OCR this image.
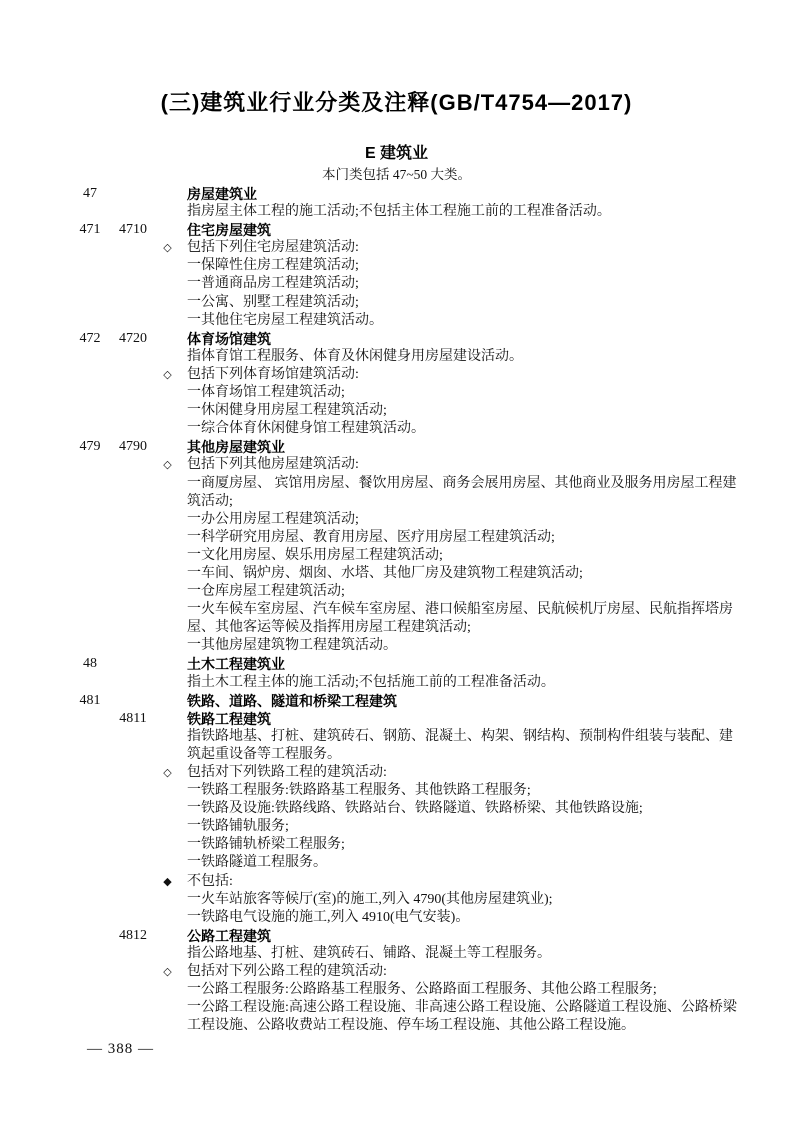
(三)建筑业行业分类及注释(GB/T4754—2017)
E 建筑业
本门类包括 47~50 大类。
47	房屋建筑业
指房屋主体工程的施工活动;不包括主体工程施工前的工程准备活动。
471	4710	住宅房屋建筑
◇	包括下列住宅房屋建筑活动:
一保障性住房工程建筑活动;
一普通商品房工程建筑活动;
一公寓、别墅工程建筑活动;
一其他住宅房屋工程建筑活动。
472	4720	体育场馆建筑
指体育馆工程服务、体育及休闲健身用房屋建设活动。
◇	包括下列体育场馆建筑活动:
一体育场馆工程建筑活动;
一休闲健身用房屋工程建筑活动;
一综合体育休闲健身馆工程建筑活动。
479	4790	其他房屋建筑业
◇	包括下列其他房屋建筑活动:
一商厦房屋、 宾馆用房屋、餐饮用房屋、商务会展用房屋、其他商业及服务用房屋工程建筑活动;
一办公用房屋工程建筑活动;
一科学研究用房屋、教育用房屋、医疗用房屋工程建筑活动;
一文化用房屋、娱乐用房屋工程建筑活动;
一车间、锅炉房、烟囱、水塔、其他厂房及建筑物工程建筑活动;
一仓库房屋工程建筑活动;
一火车候车室房屋、汽车候车室房屋、港口候船室房屋、民航候机厅房屋、民航指挥塔房屋、其他客运等候及指挥用房屋工程建筑活动;
一其他房屋建筑物工程建筑活动。
48	土木工程建筑业
指土木工程主体的施工活动;不包括施工前的工程准备活动。
481	铁路、道路、隧道和桥梁工程建筑
4811	铁路工程建筑
指铁路地基、打桩、建筑砖石、钢筋、混凝土、构架、钢结构、预制构件组装与装配、建筑起重设备等工程服务。
◇	包括对下列铁路工程的建筑活动:
一铁路工程服务:铁路路基工程服务、其他铁路工程服务;
一铁路及设施:铁路线路、铁路站台、铁路隧道、铁路桥梁、其他铁路设施;
一铁路铺轨服务;
一铁路铺轨桥梁工程服务;
一铁路隧道工程服务。
◆	不包括:
一火车站旅客等候厅(室)的施工,列入 4790(其他房屋建筑业);
一铁路电气设施的施工,列入 4910(电气安装)。
4812	公路工程建筑
指公路地基、打桩、建筑砖石、铺路、混凝土等工程服务。
◇	包括对下列公路工程的建筑活动:
一公路工程服务:公路路基工程服务、公路路面工程服务、其他公路工程服务;
一公路工程设施:高速公路工程设施、非高速公路工程设施、公路隧道工程设施、公路桥梁工程设施、公路收费站工程设施、停车场工程设施、其他公路工程设施。
— 388 —
